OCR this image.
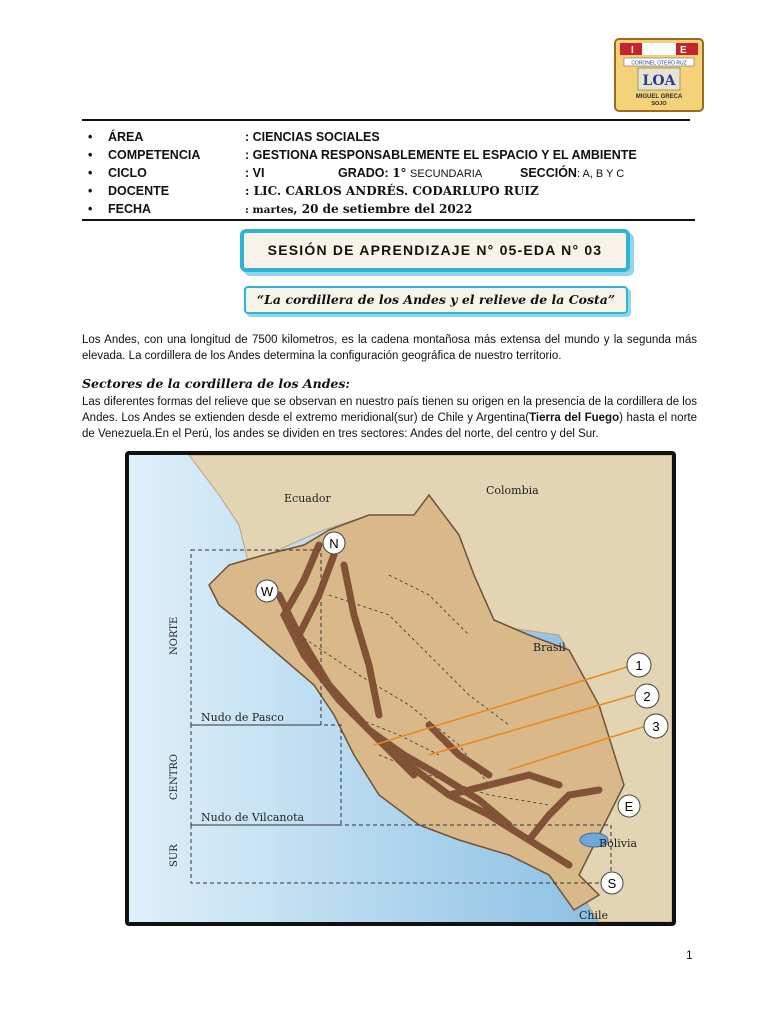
I	E
CORONEL OTERO RUZ
LOA
MIGUEL GRECA
SOJO
• ÁREA	: CIENCIAS SOCIALES
• COMPETENCIA	: GESTIONA RESPONSABLEMENTE EL ESPACIO Y EL AMBIENTE
• CICLO	: VI	GRADO: 1° SECUNDARIA	SECCIÓN: A, B Y C
• DOCENTE	: LIC. CARLOS ANDRÉS. CODARLUPO RUIZ
• FECHA	: martes, 20 de setiembre del 2022
SESIÓN DE APRENDIZAJE N° 05-EDA N° 03
“La cordillera de los Andes y el relieve de la Costa”

Los Andes, con una longitud de 7500 kilometros, es la cadena montañosa más extensa del mundo y la segunda más elevada. La cordillera de los Andes determina la configuración geográfica de nuestro territorio.

Sectores de la cordillera de los Andes:

Las diferentes formas del relieve que se observan en nuestro país tienen su origen en la presencia de la cordillera de los Andes. Los Andes se extienden desde el extremo meridional(sur) de Chile y Argentina(Tierra del Fuego) hasta el norte de Venezuela.En el Perú, los andes se dividen en tres sectores: Andes del norte, del centro y del Sur.

1
2
3
N
W
E
S
Ecuador
Colombia
Brasil
Bolivia
Chile
Nudo de Pasco
Nudo de Vilcanota
NORTE
CENTRO
SUR
1
